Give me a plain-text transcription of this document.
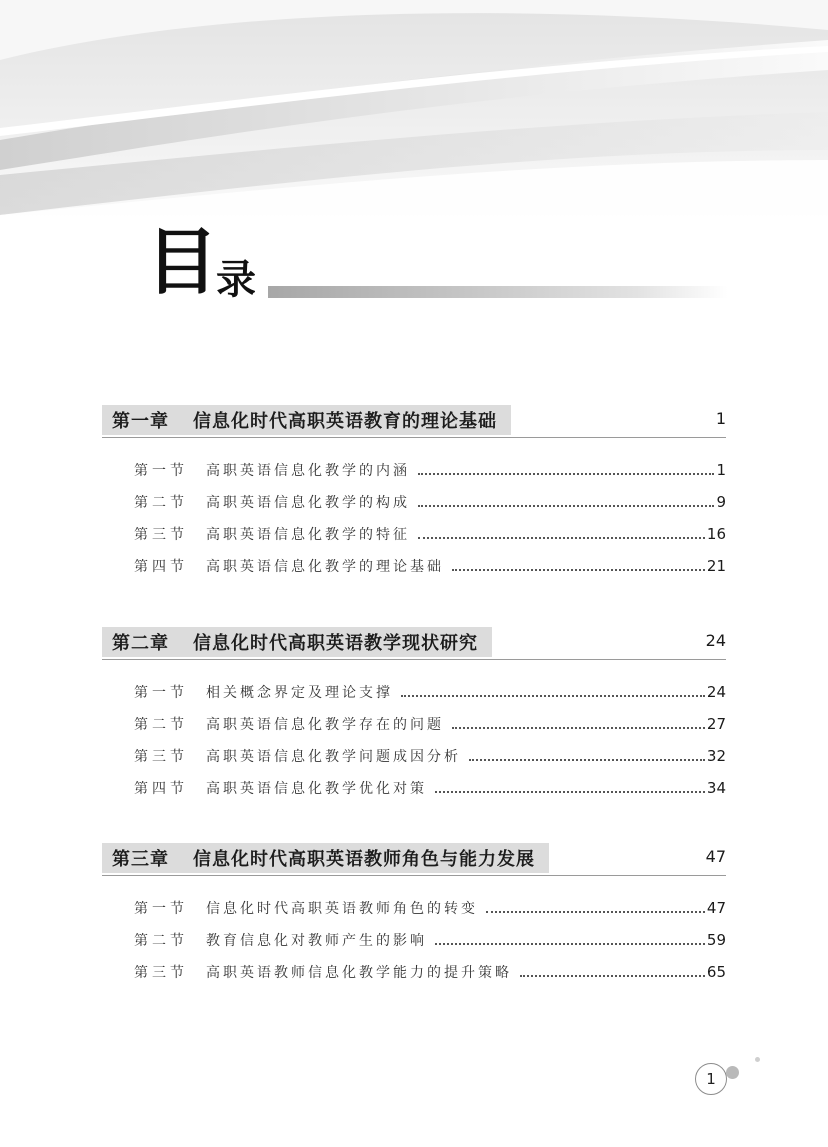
目
录
第一章 信息化时代高职英语教育的理论基础	1
第一节	高职英语信息化教学的内涵	1
第二节	高职英语信息化教学的构成	9
第三节	高职英语信息化教学的特征	16
第四节	高职英语信息化教学的理论基础	21
第二章 信息化时代高职英语教学现状研究	24
第一节	相关概念界定及理论支撑	24
第二节	高职英语信息化教学存在的问题	27
第三节	高职英语信息化教学问题成因分析	32
第四节	高职英语信息化教学优化对策	34
第三章 信息化时代高职英语教师角色与能力发展	47
第一节	信息化时代高职英语教师角色的转变	47
第二节	教育信息化对教师产生的影响	59
第三节	高职英语教师信息化教学能力的提升策略	65
1
